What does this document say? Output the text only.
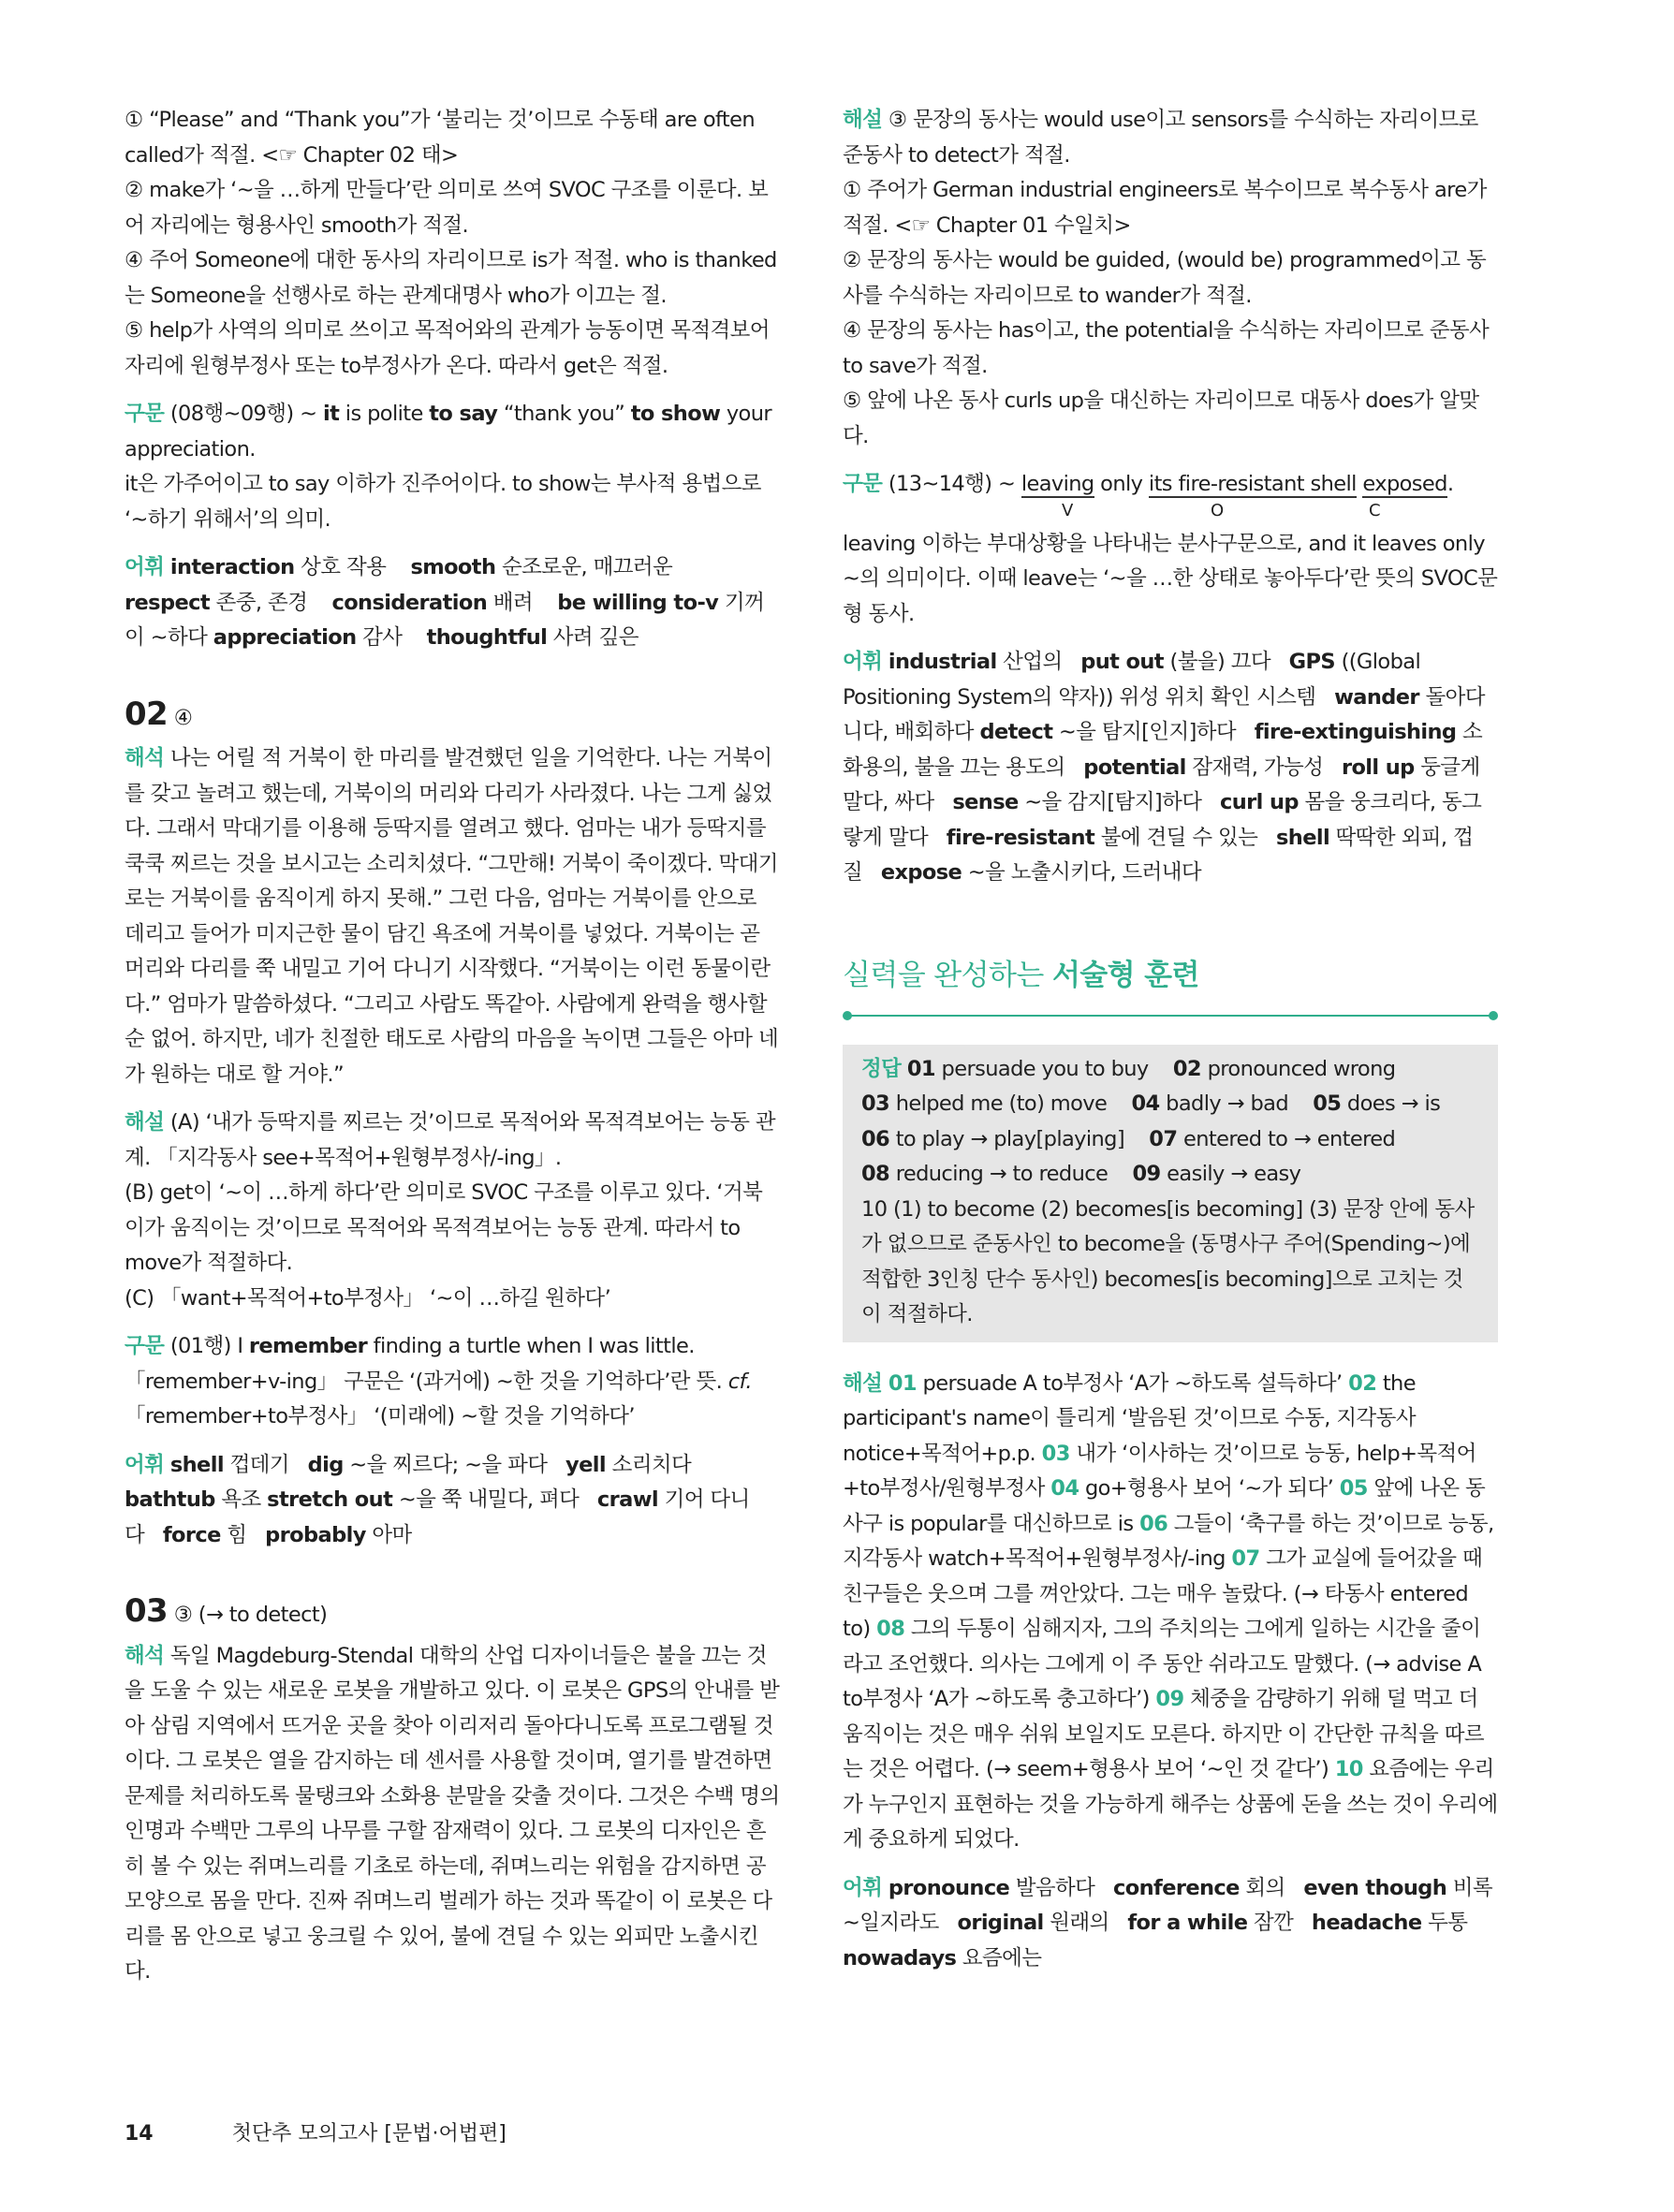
① “Please” and “Thank you”가 ‘불리는 것’이므로 수동태 are often called가 적절. <☞ Chapter 02 태>

② make가 ‘~을 …하게 만들다’란 의미로 쓰여 SVOC 구조를 이룬다. 보어 자리에는 형용사인 smooth가 적절.

④ 주어 Someone에 대한 동사의 자리이므로 is가 적절. who is thanked는 Someone을 선행사로 하는 관계대명사 who가 이끄는 절.

⑤ help가 사역의 의미로 쓰이고 목적어와의 관계가 능동이면 목적격보어 자리에 원형부정사 또는 to부정사가 온다. 따라서 get은 적절.

구문 (08행~09행) ~ it is polite to say “thank you” to show your appreciation.

it은 가주어이고 to say 이하가 진주어이다. to show는 부사적 용법으로 ‘~하기 위해서’의 의미.

어휘 interaction 상호 작용 smooth 순조로운, 매끄러운    respect 존중, 존경 consideration 배려 be willing to-v 기꺼이 ~하다 appreciation 감사 thoughtful 사려 깊은

02 ④

해석 나는 어릴 적 거북이 한 마리를 발견했던 일을 기억한다. 나는 거북이를 갖고 놀려고 했는데, 거북이의 머리와 다리가 사라졌다. 나는 그게 싫었다. 그래서 막대기를 이용해 등딱지를 열려고 했다. 엄마는 내가 등딱지를 쿡쿡 찌르는 것을 보시고는 소리치셨다. “그만해! 거북이 죽이겠다. 막대기로는 거북이를 움직이게 하지 못해.” 그런 다음, 엄마는 거북이를 안으로 데리고 들어가 미지근한 물이 담긴 욕조에 거북이를 넣었다. 거북이는 곧 머리와 다리를 쭉 내밀고 기어 다니기 시작했다. “거북이는 이런 동물이란다.” 엄마가 말씀하셨다. “그리고 사람도 똑같아. 사람에게 완력을 행사할 순 없어. 하지만, 네가 친절한 태도로 사람의 마음을 녹이면 그들은 아마 네가 원하는 대로 할 거야.”

해설 (A) ‘내가 등딱지를 찌르는 것’이므로 목적어와 목적격보어는 능동 관계. 「지각동사 see+목적어+원형부정사/-ing」.

(B) get이 ‘~이 …하게 하다’란 의미로 SVOC 구조를 이루고 있다. ‘거북이가 움직이는 것’이므로 목적어와 목적격보어는 능동 관계. 따라서 to move가 적절하다.

(C) 「want+목적어+to부정사」 ‘~이 …하길 원하다’

구문 (01행) I remember finding a turtle when I was little.

「remember+v-ing」 구문은 ‘(과거에) ~한 것을 기억하다’란 뜻. cf. 「remember+to부정사」 ‘(미래에) ~할 것을 기억하다’

어휘 shell 껍데기 dig ~을 찌르다; ~을 파다 yell 소리치다   bathtub 욕조 stretch out ~을 쭉 내밀다, 펴다 crawl 기어 다니다 force 힘 probably 아마

03 ③ (→ to detect)

해석 독일 Magdeburg-Stendal 대학의 산업 디자이너들은 불을 끄는 것을 도울 수 있는 새로운 로봇을 개발하고 있다. 이 로봇은 GPS의 안내를 받아 삼림 지역에서 뜨거운 곳을 찾아 이리저리 돌아다니도록 프로그램될 것이다. 그 로봇은 열을 감지하는 데 센서를 사용할 것이며, 열기를 발견하면 문제를 처리하도록 물탱크와 소화용 분말을 갖출 것이다. 그것은 수백 명의 인명과 수백만 그루의 나무를 구할 잠재력이 있다. 그 로봇의 디자인은 흔히 볼 수 있는 쥐며느리를 기초로 하는데, 쥐며느리는 위험을 감지하면 공 모양으로 몸을 만다. 진짜 쥐며느리 벌레가 하는 것과 똑같이 이 로봇은 다리를 몸 안으로 넣고 웅크릴 수 있어, 불에 견딜 수 있는 외피만 노출시킨다.

해설 ③ 문장의 동사는 would use이고 sensors를 수식하는 자리이므로 준동사 to detect가 적절.

① 주어가 German industrial engineers로 복수이므로 복수동사 are가 적절. <☞ Chapter 01 수일치>

② 문장의 동사는 would be guided, (would be) programmed이고 동사를 수식하는 자리이므로 to wander가 적절.

④ 문장의 동사는 has이고, the potential을 수식하는 자리이므로 준동사 to save가 적절.

⑤ 앞에 나온 동사 curls up을 대신하는 자리이므로 대동사 does가 알맞다.

구문 (13~14행) ~ leaving only its fire-resistant shell exposed.

V	O	C

leaving 이하는 부대상황을 나타내는 분사구문으로, and it leaves only ~의 의미이다. 이때 leave는 ‘~을 …한 상태로 놓아두다’란 뜻의 SVOC문형 동사.

어휘 industrial 산업의 put out (불을) 끄다 GPS ((Global Positioning System의 약자)) 위성 위치 확인 시스템 wander 돌아다니다, 배회하다 detect ~을 탐지[인지]하다 fire-extinguishing 소화용의, 불을 끄는 용도의 potential 잠재력, 가능성 roll up 둥글게 말다, 싸다 sense ~을 감지[탐지]하다 curl up 몸을 웅크리다, 동그랗게 말다 fire-resistant 불에 견딜 수 있는 shell 딱딱한 외피, 껍질 expose ~을 노출시키다, 드러내다

실력을 완성하는 서술형 훈련

정답 01 persuade you to buy 02 pronounced wrong

03 helped me (to) move 04 badly → bad 05 does → is

06 to play → play[playing] 07 entered to → entered

08 reducing → to reduce 09 easily → easy

10 (1) to become (2) becomes[is becoming] (3) 문장 안에 동사가 없으므로 준동사인 to become을 (동명사구 주어(Spending~)에 적합한 3인칭 단수 동사인) becomes[is becoming]으로 고치는 것이 적절하다.

해설 01 persuade A to부정사 ‘A가 ~하도록 설득하다’ 02 the participant's name이 틀리게 ‘발음된 것’이므로 수동, 지각동사 notice+목적어+p.p. 03 내가 ‘이사하는 것’이므로 능동, help+목적어+to부정사/원형부정사 04 go+형용사 보어 ‘~가 되다’ 05 앞에 나온 동사구 is popular를 대신하므로 is 06 그들이 ‘축구를 하는 것’이므로 능동, 지각동사 watch+목적어+원형부정사/-ing 07 그가 교실에 들어갔을 때 친구들은 웃으며 그를 껴안았다. 그는 매우 놀랐다. (→ 타동사 entered to) 08 그의 두통이 심해지자, 그의 주치의는 그에게 일하는 시간을 줄이라고 조언했다. 의사는 그에게 이 주 동안 쉬라고도 말했다. (→ advise A to부정사 ‘A가 ~하도록 충고하다’) 09 체중을 감량하기 위해 덜 먹고 더 움직이는 것은 매우 쉬워 보일지도 모른다. 하지만 이 간단한 규칙을 따르는 것은 어렵다. (→ seem+형용사 보어 ‘~인 것 같다’) 10 요즘에는 우리가 누구인지 표현하는 것을 가능하게 해주는 상품에 돈을 쓰는 것이 우리에게 중요하게 되었다.

어휘 pronounce 발음하다 conference 회의 even though 비록 ~일지라도 original 원래의 for a while 잠깐 headache 두통 nowadays 요즘에는

14	첫단추 모의고사 [문법·어법편]
